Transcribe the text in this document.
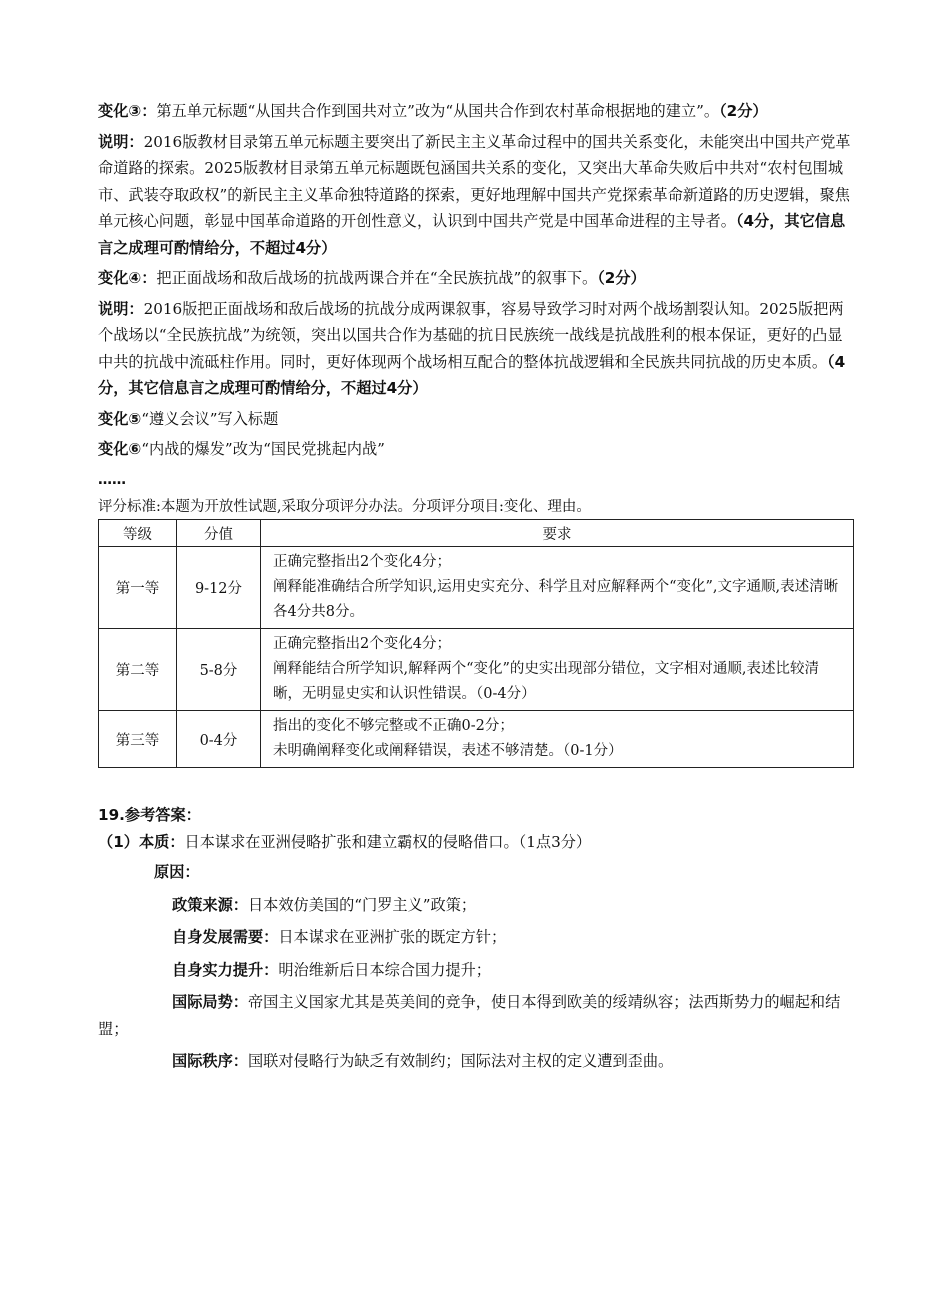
变化③：第五单元标题“从国共合作到国共对立”改为“从国共合作到农村革命根据地的建立”。（2分）

说明：2016版教材目录第五单元标题主要突出了新民主主义革命过程中的国共关系变化，未能突出中国共产党革命道路的探索。2025版教材目录第五单元标题既包涵国共关系的变化，又突出大革命失败后中共对“农村包围城市、武装夺取政权”的新民主主义革命独特道路的探索，更好地理解中国共产党探索革命新道路的历史逻辑，聚焦单元核心问题，彰显中国革命道路的开创性意义，认识到中国共产党是中国革命进程的主导者。（4分，其它信息言之成理可酌情给分，不超过4分）

变化④：把正面战场和敌后战场的抗战两课合并在“全民族抗战”的叙事下。（2分）

说明：2016版把正面战场和敌后战场的抗战分成两课叙事，容易导致学习时对两个战场割裂认知。2025版把两个战场以“全民族抗战”为统领，突出以国共合作为基础的抗日民族统一战线是抗战胜利的根本保证，更好的凸显中共的抗战中流砥柱作用。同时，更好体现两个战场相互配合的整体抗战逻辑和全民族共同抗战的历史本质。（4分，其它信息言之成理可酌情给分，不超过4分）

变化⑤“遵义会议”写入标题

变化⑥“内战的爆发”改为“国民党挑起内战”

……

评分标准:本题为开放性试题,采取分项评分办法。分项评分项目:变化、理由。

等级	分值	要求
第一等	9-12分	正确完整指出2个变化4分；
阐释能准确结合所学知识,运用史实充分、科学且对应解释两个“变化”,文字通顺,表述清晰各4分共8分。

第二等	5-8分	正确完整指出2个变化4分；
阐释能结合所学知识,解释两个“变化”的史实出现部分错位，文字相对通顺,表述比较清晰，无明显史实和认识性错误。（0-4分）

第三等	0-4分	指出的变化不够完整或不正确0-2分；
未明确阐释变化或阐释错误，表述不够清楚。（0-1分）

19.参考答案：

（1）本质：日本谋求在亚洲侵略扩张和建立霸权的侵略借口。（1点3分）

原因：

政策来源：日本效仿美国的“门罗主义”政策；

自身发展需要：日本谋求在亚洲扩张的既定方针；

自身实力提升：明治维新后日本综合国力提升；

国际局势：帝国主义国家尤其是英美间的竞争，使日本得到欧美的绥靖纵容；法西斯势力的崛起和结盟；

国际秩序：国联对侵略行为缺乏有效制约；国际法对主权的定义遭到歪曲。
